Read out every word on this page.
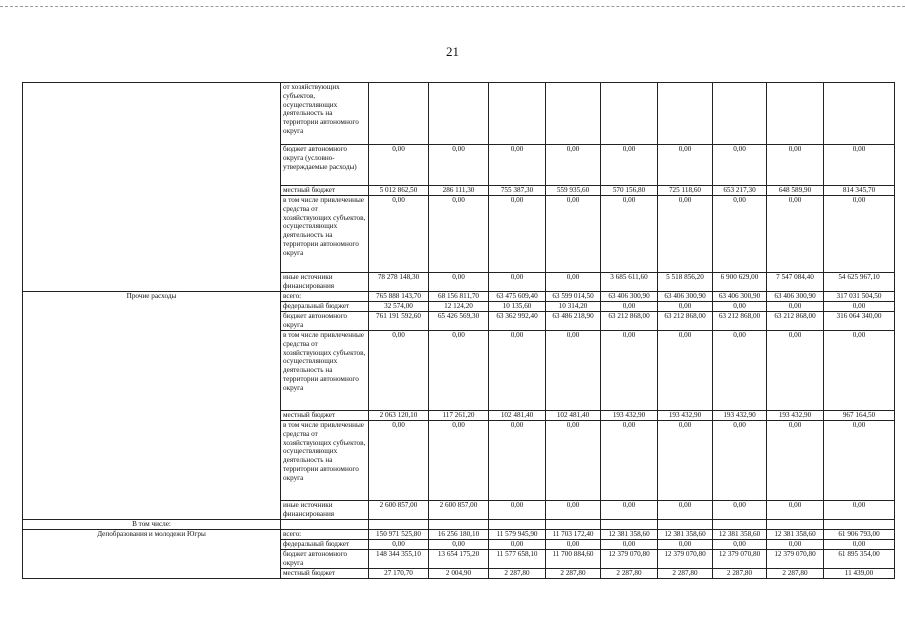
21
	от хозяйствующих субъектов, осуществляющих деятельность на территории автономного округа									
	бюджет автономного округа (условно-утверждаемые расходы)	0,00	0,00	0,00	0,00	0,00	0,00	0,00	0,00	0,00
	местный бюджет	5 012 862,50	286 111,30	755 387,30	559 935,60	570 156,80	725 118,60	653 217,30	648 589,90	814 345,70
	в том числе привлеченные средства от хозяйствующих субъектов, осуществляющих деятельность на территории автономного округа	0,00	0,00	0,00	0,00	0,00	0,00	0,00	0,00	0,00
	иные источники финансирования	78 278 148,30	0,00	0,00	0,00	3 685 611,60	5 518 856,20	6 900 629,00	7 547 084,40	54 625 967,10
Прочие расходы	всего:	765 888 143,70	68 156 811,70	63 475 609,40	63 599 014,50	63 406 300,90	63 406 300,90	63 406 300,90	63 406 300,90	317 031 504,50
	федеральный бюджет	32 574,00	12 124,20	10 135,60	10 314,20	0,00	0,00	0,00	0,00	0,00
	бюджет автономного округа	761 191 592,60	65 426 569,30	63 362 992,40	63 486 218,90	63 212 868,00	63 212 868,00	63 212 868,00	63 212 868,00	316 064 340,00
	в том числе привлеченные средства от хозяйствующих субъектов, осуществляющих деятельность на территории автономного округа	0,00	0,00	0,00	0,00	0,00	0,00	0,00	0,00	0,00
	местный бюджет	2 063 120,10	117 261,20	102 481,40	102 481,40	193 432,90	193 432,90	193 432,90	193 432,90	967 164,50
	в том числе привлеченные средства от хозяйствующих субъектов, осуществляющих деятельность на территории автономного округа	0,00	0,00	0,00	0,00	0,00	0,00	0,00	0,00	0,00
	иные источники финансирования	2 600 857,00	2 600 857,00	0,00	0,00	0,00	0,00	0,00	0,00	0,00
В том числе:										
Депобразования и молодежи Югры	всего:	150 971 525,80	16 256 180,10	11 579 945,90	11 703 172,40	12 381 358,60	12 381 358,60	12 381 358,60	12 381 358,60	61 906 793,00
	федеральный бюджет	0,00	0,00	0,00	0,00	0,00	0,00	0,00	0,00	0,00
	бюджет автономного округа	148 344 355,10	13 654 175,20	11 577 658,10	11 700 884,60	12 379 070,80	12 379 070,80	12 379 070,80	12 379 070,80	61 895 354,00
	местный бюджет	27 170,70	2 004,90	2 287,80	2 287,80	2 287,80	2 287,80	2 287,80	2 287,80	11 439,00
